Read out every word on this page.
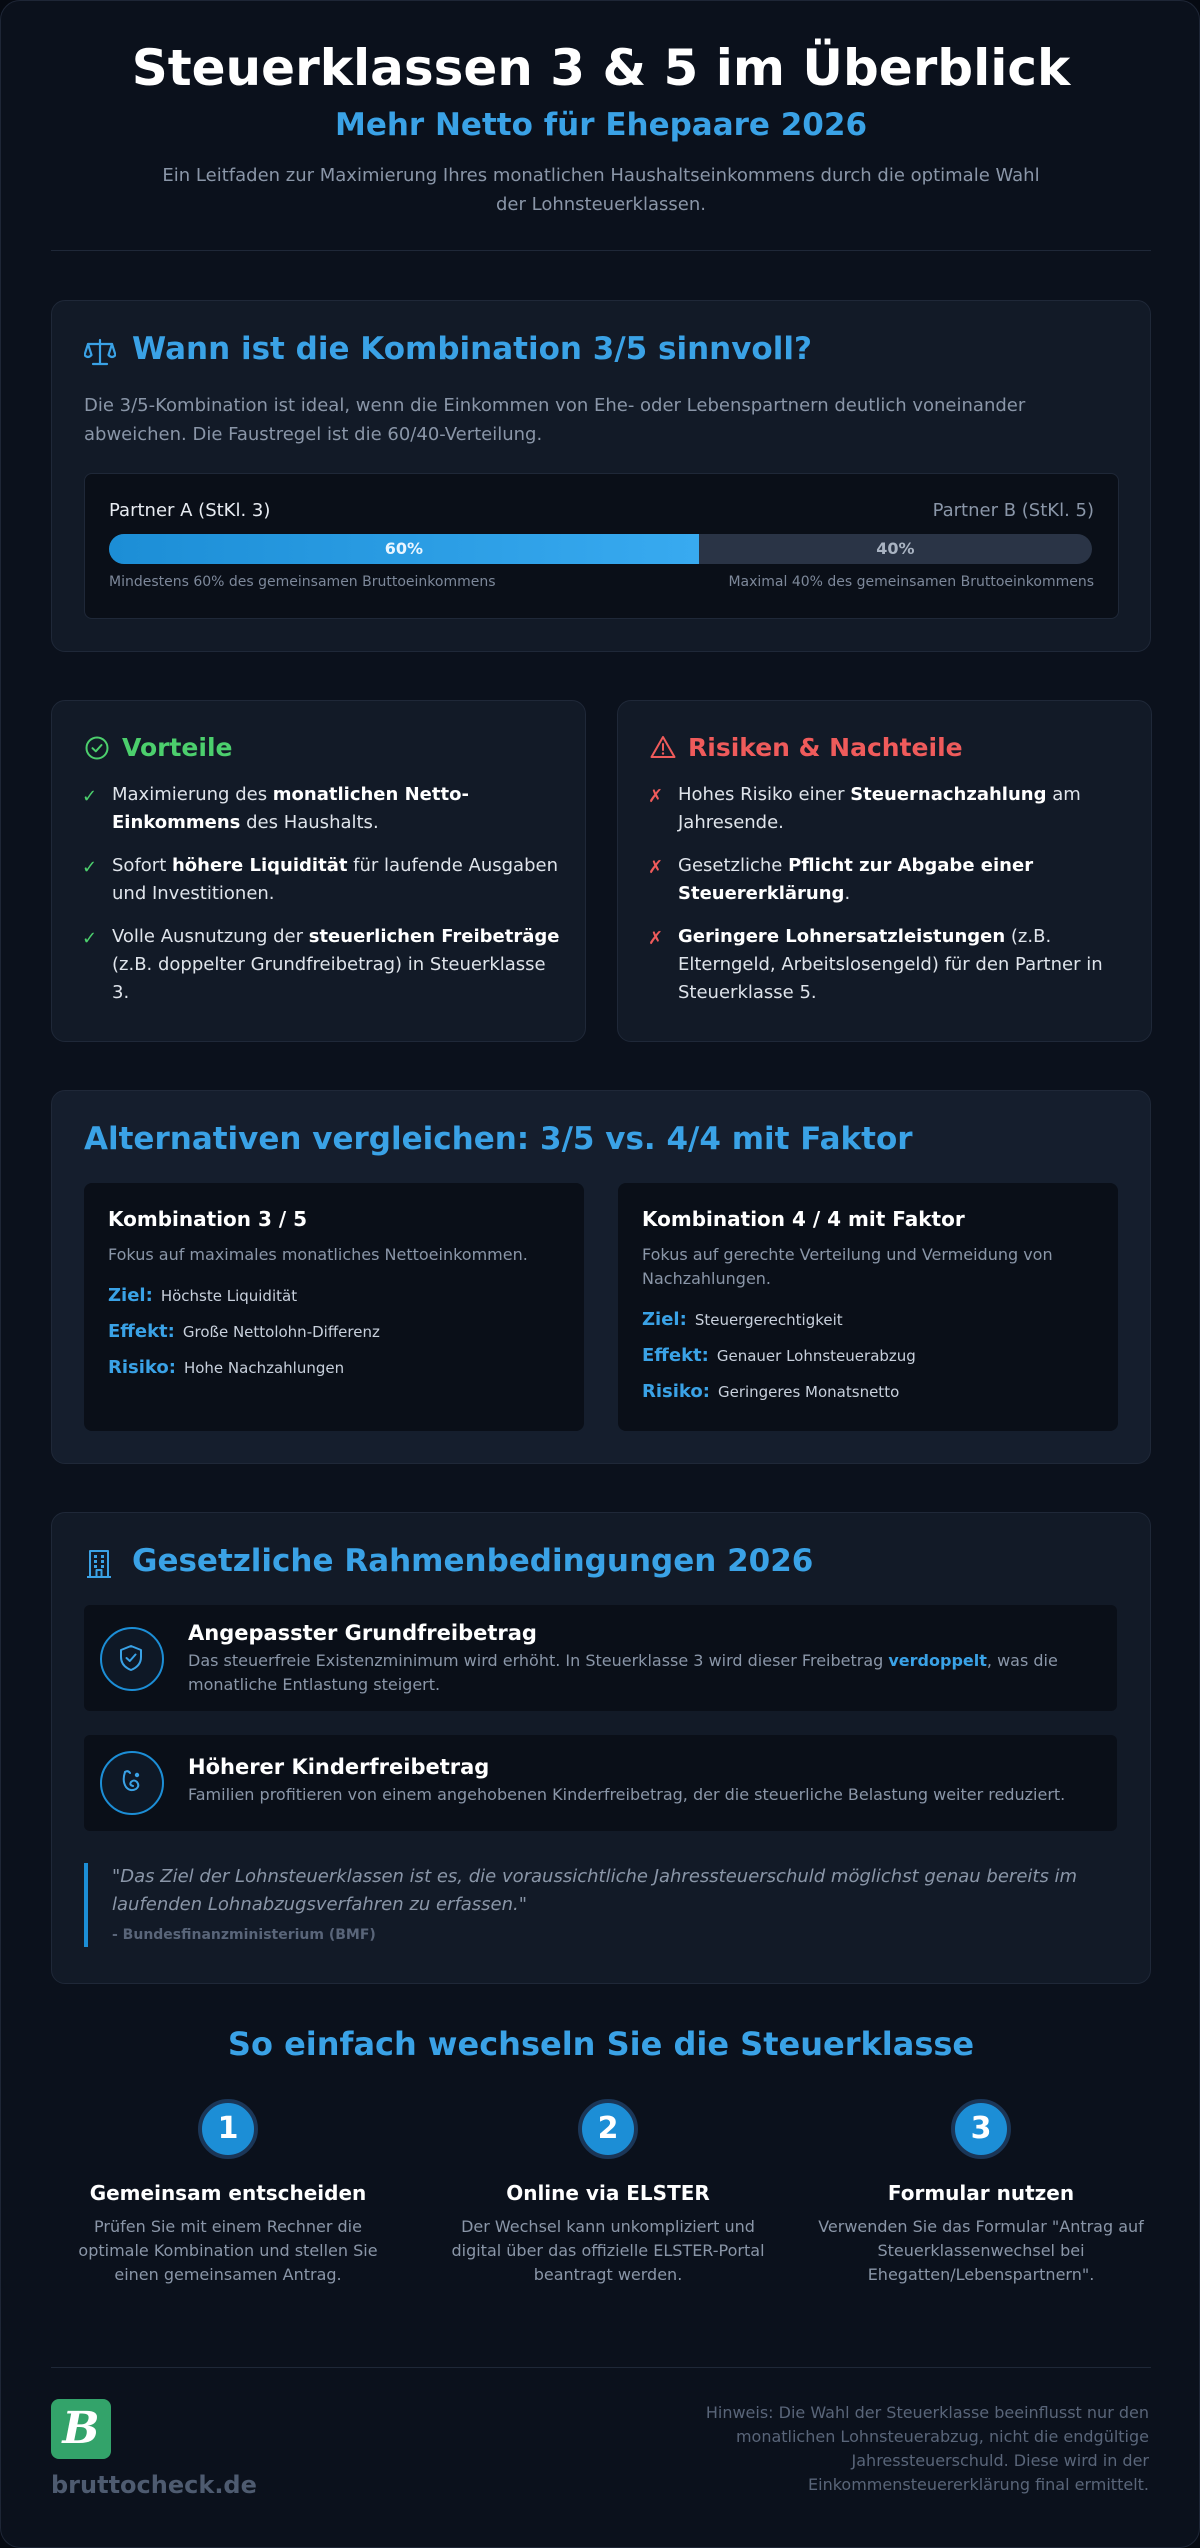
Steuerklassen 3 & 5 im Überblick
Mehr Netto für Ehepaare 2026
Ein Leitfaden zur Maximierung Ihres monatlichen Haushaltseinkommens durch die optimale Wahl der Lohnsteuerklassen.
Wann ist die Kombination 3/5 sinnvoll?
Die 3/5-Kombination ist ideal, wenn die Einkommen von Ehe- oder Lebenspartnern deutlich voneinander abweichen. Die Faustregel ist die 60/40-Verteilung.
Partner A (StKl. 3)	Partner B (StKl. 5)
60%	40%
Mindestens 60% des gemeinsamen Bruttoeinkommens	Maximal 40% des gemeinsamen Bruttoeinkommens
Vorteile
✓ Maximierung des monatlichen Netto-Einkommens des Haushalts.
✓ Sofort höhere Liquidität für laufende Ausgaben und Investitionen.
✓ Volle Ausnutzung der steuerlichen Freibeträge (z.B. doppelter Grundfreibetrag) in Steuerklasse 3.
Risiken & Nachteile
✗ Hohes Risiko einer Steuernachzahlung am Jahresende.
✗ Gesetzliche Pflicht zur Abgabe einer Steuererklärung.
✗ Geringere Lohnersatzleistungen (z.B. Elterngeld, Arbeitslosengeld) für den Partner in Steuerklasse 5.
Alternativen vergleichen: 3/5 vs. 4/4 mit Faktor
Kombination 3 / 5
Fokus auf maximales monatliches Nettoeinkommen.
Ziel: Höchste Liquidität
Effekt: Große Nettolohn-Differenz
Risiko: Hohe Nachzahlungen
Kombination 4 / 4 mit Faktor
Fokus auf gerechte Verteilung und Vermeidung von Nachzahlungen.
Ziel: Steuergerechtigkeit
Effekt: Genauer Lohnsteuerabzug
Risiko: Geringeres Monatsnetto
Gesetzliche Rahmenbedingungen 2026
Angepasster Grundfreibetrag
Das steuerfreie Existenzminimum wird erhöht. In Steuerklasse 3 wird dieser Freibetrag verdoppelt, was die monatliche Entlastung steigert.
Höherer Kinderfreibetrag
Familien profitieren von einem angehobenen Kinderfreibetrag, der die steuerliche Belastung weiter reduziert.
"Das Ziel der Lohnsteuerklassen ist es, die voraussichtliche Jahressteuerschuld möglichst genau bereits im laufenden Lohnabzugsverfahren zu erfassen."
- Bundesfinanzministerium (BMF)
So einfach wechseln Sie die Steuerklasse
1
Gemeinsam entscheiden
Prüfen Sie mit einem Rechner die optimale Kombination und stellen Sie einen gemeinsamen Antrag.
2
Online via ELSTER
Der Wechsel kann unkompliziert und digital über das offizielle ELSTER-Portal beantragt werden.
3
Formular nutzen
Verwenden Sie das Formular "Antrag auf Steuerklassenwechsel bei Ehegatten/Lebenspartnern".
B
bruttocheck.de
Hinweis: Die Wahl der Steuerklasse beeinflusst nur den monatlichen Lohnsteuerabzug, nicht die endgültige Jahressteuerschuld. Diese wird in der Einkommensteuererklärung final ermittelt.
